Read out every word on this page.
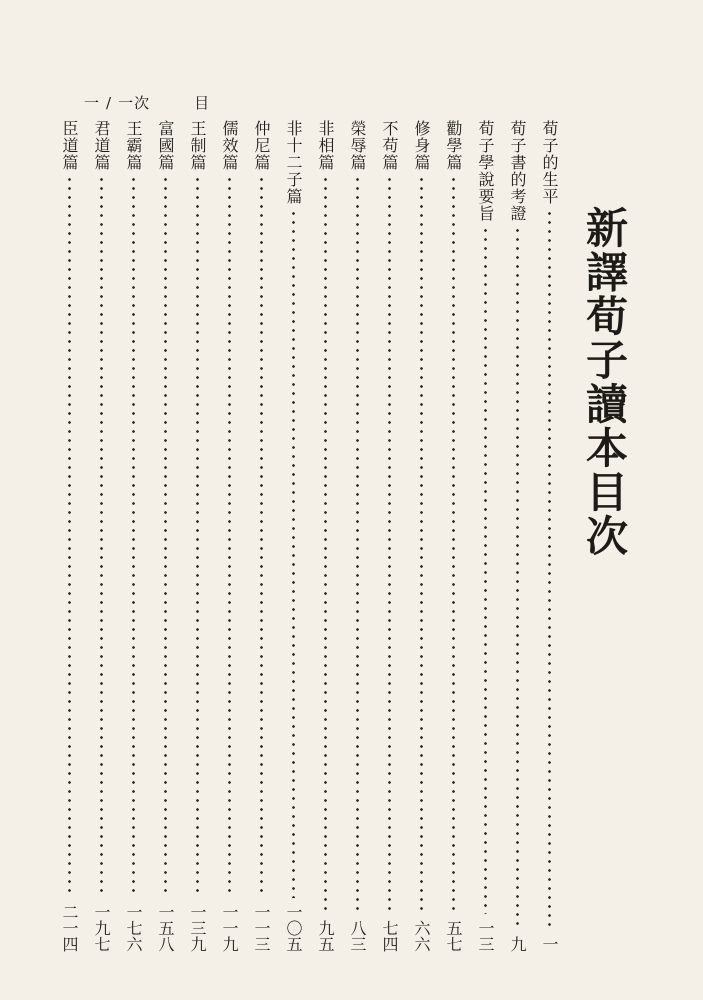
一 / 一次	目
新譯荀子讀本目次
荀子的生平
一
荀子書的考證
九
荀子學說要旨
一三
勸學篇
五七
修身篇
六六
不苟篇
七四
榮辱篇
八三
非相篇
九五
非十二子篇
一〇五
仲尼篇
一一三
儒效篇
一一九
王制篇
一三九
富國篇
一五八
王霸篇
一七六
君道篇
一九七
臣道篇
二一四
